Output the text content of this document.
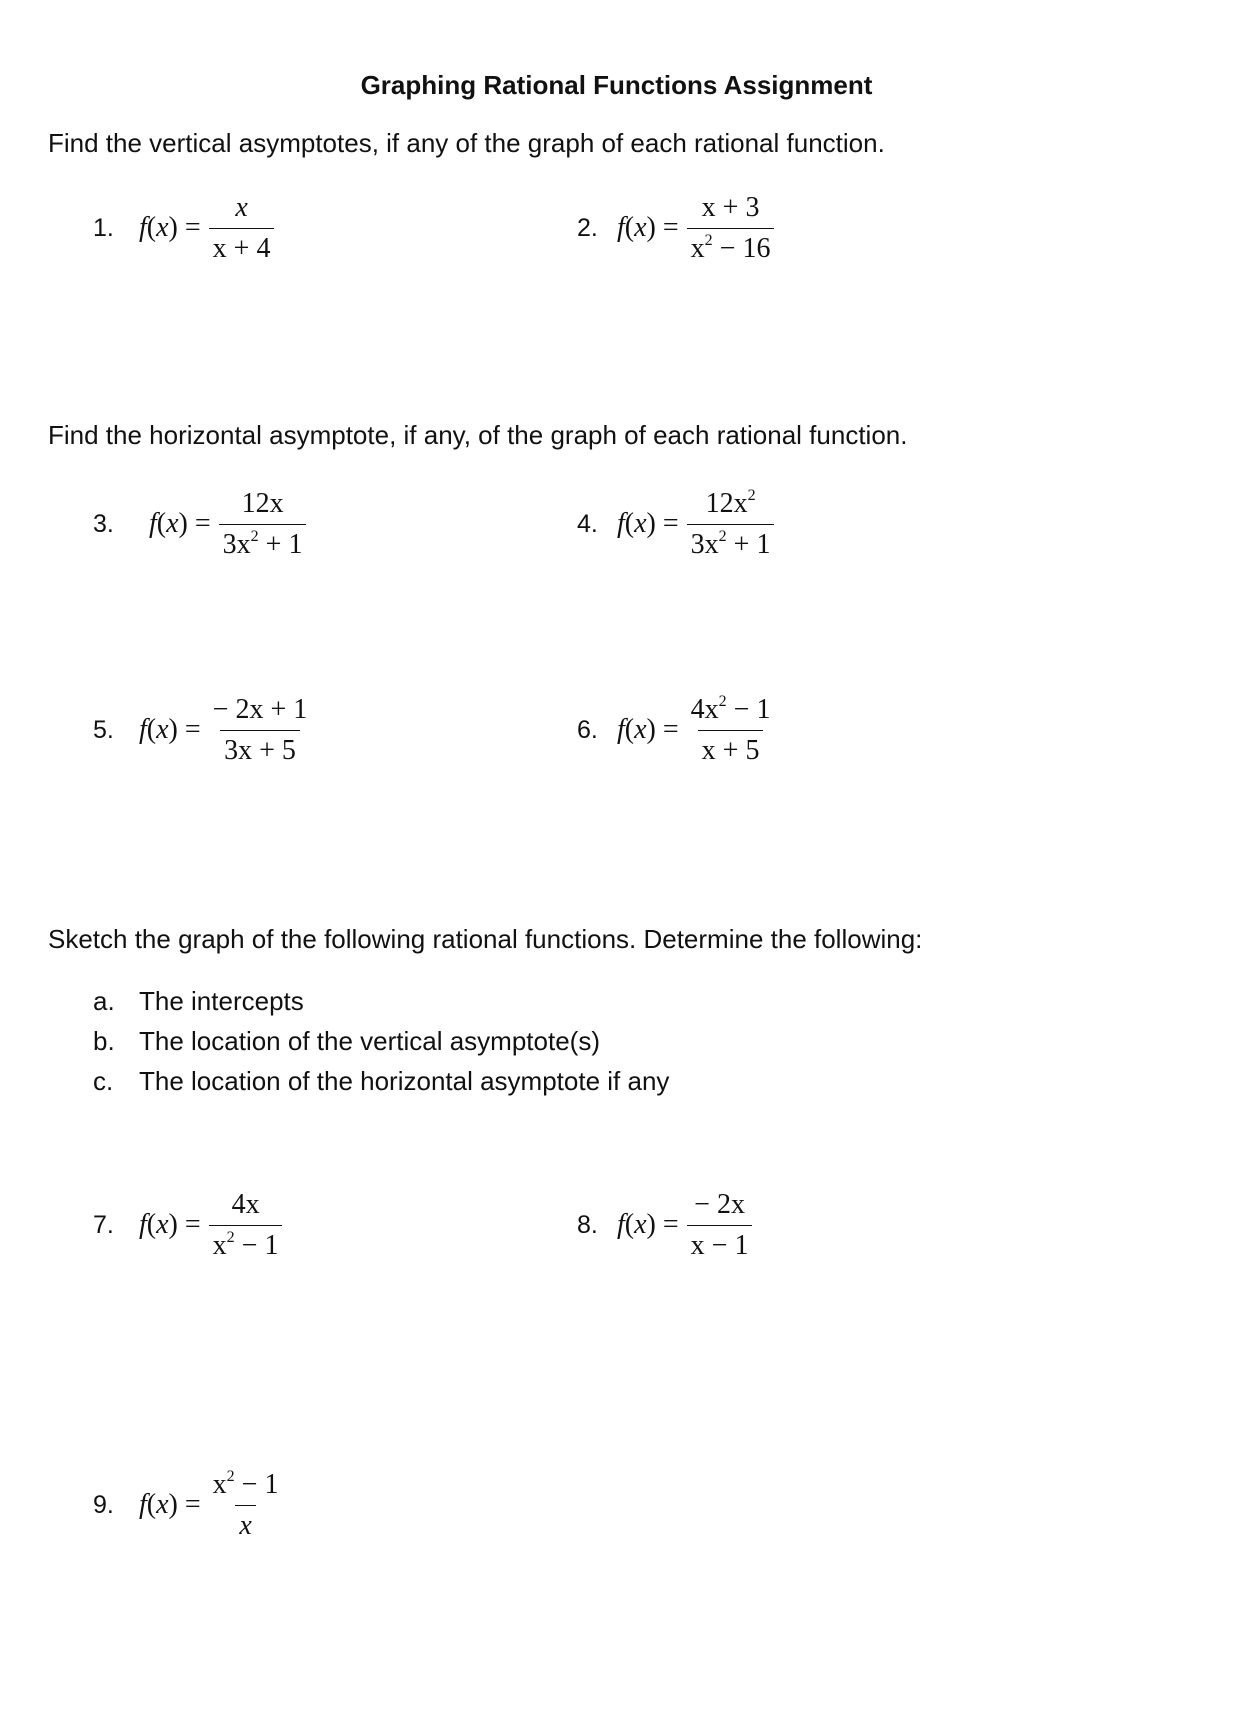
Graphing Rational Functions Assignment
Find the vertical asymptotes, if any of the graph of each rational function.
1. $f(x) = \frac{x}{x + 4}$	2. $f(x) = \frac{x + 3}{x^2 - 16}$
Find the horizontal asymptote, if any, of the graph of each rational function.
3.	$f(x) = \frac{12x}{3x^2 + 1}$	4. $f(x) = \frac{12x^2}{3x^2 + 1}$
5. $f(x) = \frac{- 2x + 1}{3x + 5}$	6. $f(x) = \frac{4x^2 - 1}{x + 5}$
Sketch the graph of the following rational functions. Determine the following:
a. The intercepts
b. The location of the vertical asymptote(s)
c. The location of the horizontal asymptote if any
7. $f(x) = \frac{4x}{x^2 - 1}$	8. $f(x) = \frac{- 2x}{x - 1}$
9. $f(x) = \frac{x^2 - 1}{x}$
